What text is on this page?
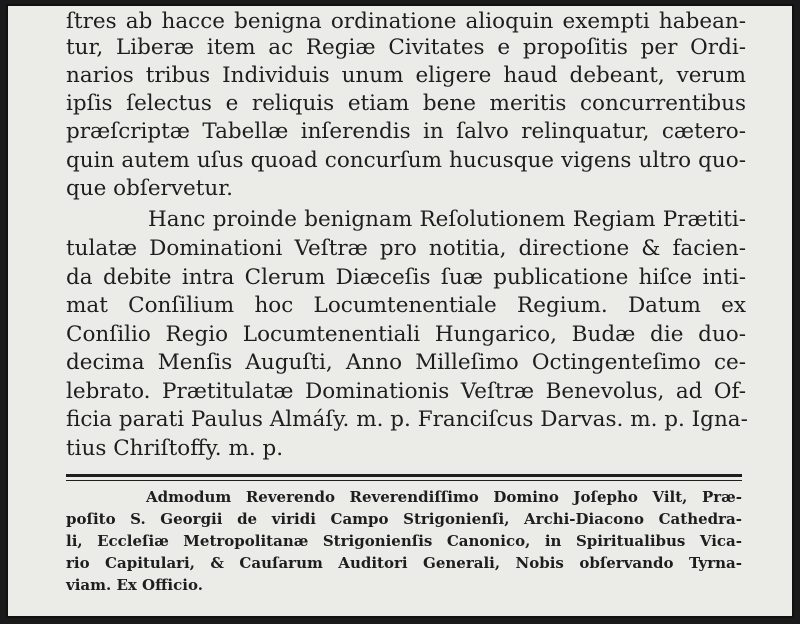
ſtres ab hacce benigna ordinatione alioquin exempti habean-
tur, Liberæ item ac Regiæ Civitates e propoſitis per Ordi-
narios tribus Individuis unum eligere haud debeant, verum
ipſis ſelectus e reliquis etiam bene meritis concurrentibus
præſcriptæ Tabellæ inſerendis in ſalvo relinquatur, cætero-
quin autem uſus quoad concurſum hucusque vigens ultro quo-
que obſervetur.
Hanc proinde benignam Reſolutionem Regiam Prætiti-
tulatæ Dominationi Veſtræ pro notitia, directione & facien-
da debite intra Clerum Diæceſis ſuæ publicatione hiſce inti-
mat Conſilium hoc Locumtenentiale Regium. Datum ex
Conſilio Regio Locumtenentiali Hungarico, Budæ die duo-
decima Menſis Auguſti, Anno Milleſimo Octingenteſimo ce-
lebrato. Prætitulatæ Dominationis Veſtræ Benevolus, ad Of-
ficia parati Paulus Almáſy. m. p. Franciſcus Darvas. m. p. Igna-
tius Chriſtoffy. m. p.
Admodum Reverendo Reverendiſſimo Domino Joſepho Vilt, Præ-
poſito S. Georgii de viridi Campo Strigonienſi, Archi-Diacono Cathedra-
li, Eccleſiæ Metropolitanæ Strigonienſis Canonico, in Spiritualibus Vica-
rio Capitulari, & Cauſarum Auditori Generali, Nobis obſervando Tyrna-
viam. Ex Officio.
